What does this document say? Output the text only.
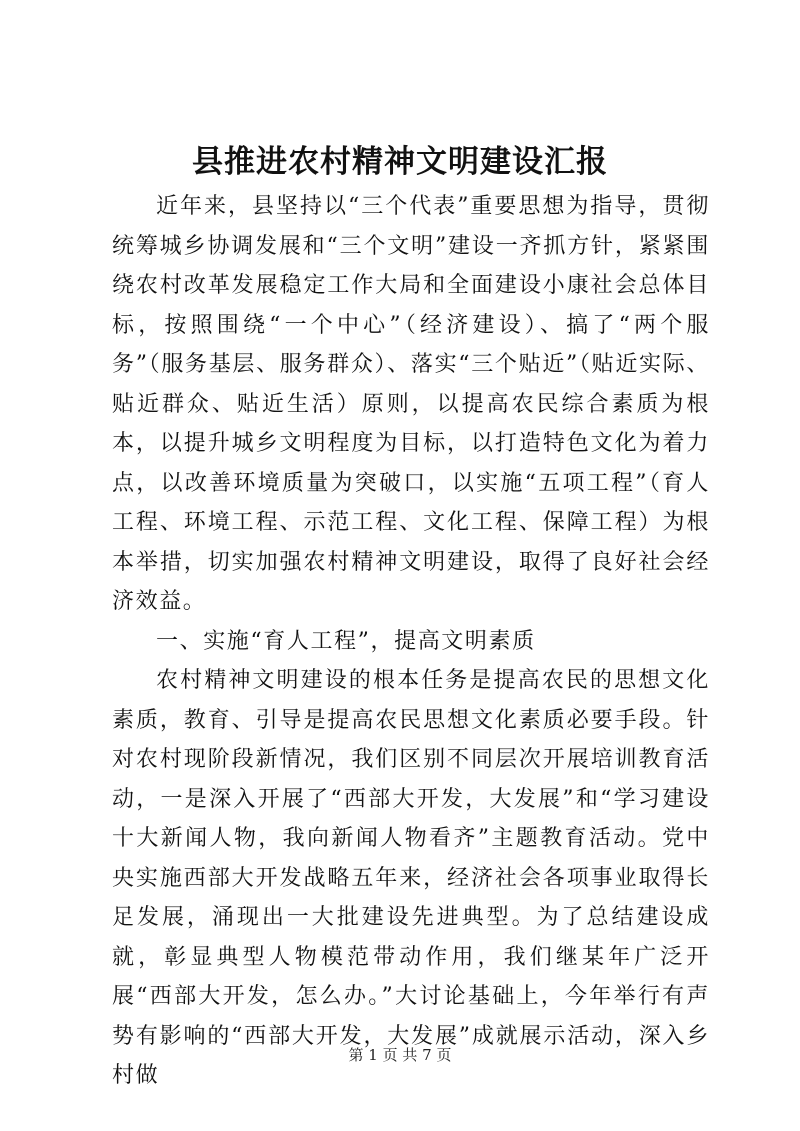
县推进农村精神文明建设汇报

近年来，县坚持以“三个代表”重要思想为指导，贯彻统筹城乡协调发展和“三个文明”建设一齐抓方针，紧紧围绕农村改革发展稳定工作大局和全面建设小康社会总体目标，按照围绕“一个中心”（经济建设）、搞了“两个服务”（服务基层、服务群众）、落实“三个贴近”（贴近实际、贴近群众、贴近生活）原则，以提高农民综合素质为根本，以提升城乡文明程度为目标，以打造特色文化为着力点，以改善环境质量为突破口，以实施“五项工程”（育人工程、环境工程、示范工程、文化工程、保障工程）为根本举措，切实加强农村精神文明建设，取得了良好社会经济效益。

一、实施“育人工程”，提高文明素质

农村精神文明建设的根本任务是提高农民的思想文化素质，教育、引导是提高农民思想文化素质必要手段。针对农村现阶段新情况，我们区别不同层次开展培训教育活动，一是深入开展了“西部大开发，大发展”和“学习建设十大新闻人物，我向新闻人物看齐”主题教育活动。党中央实施西部大开发战略五年来，经济社会各项事业取得长足发展，涌现出一大批建设先进典型。为了总结建设成就，彰显典型人物模范带动作用，我们继某年广泛开展“西部大开发，怎么办。”大讨论基础上，今年举行有声势有影响的“西部大开发，大发展”成就展示活动，深入乡村做

第 1 页 共 7 页
